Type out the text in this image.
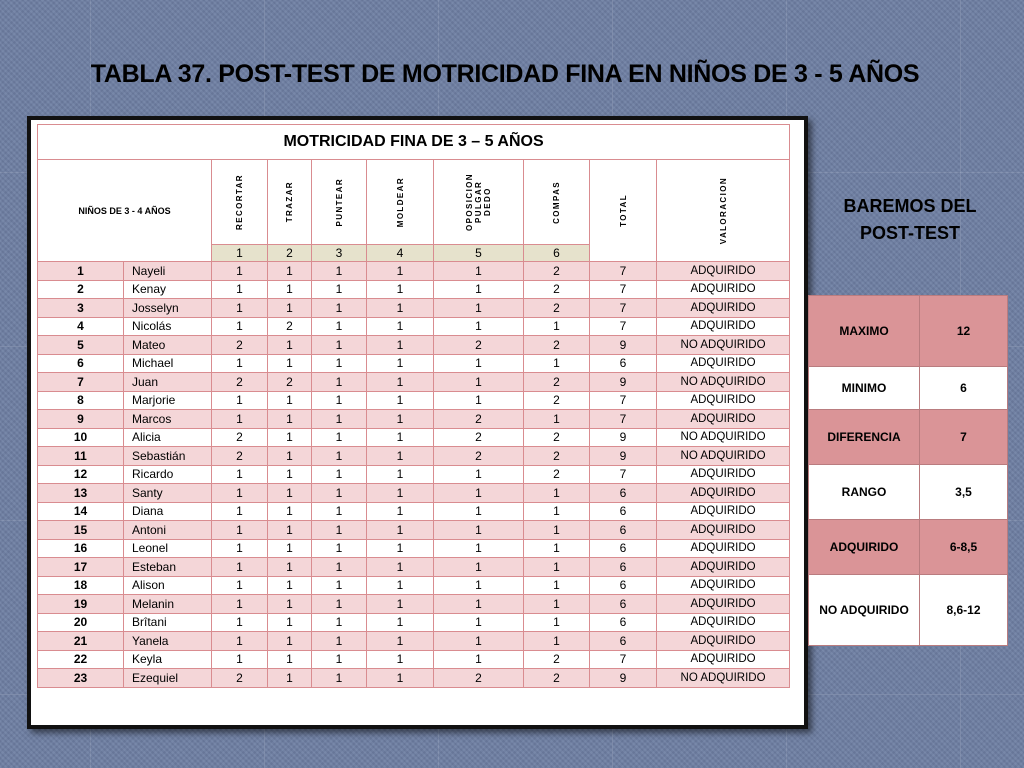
TABLA 37. POST-TEST DE MOTRICIDAD FINA EN NIÑOS DE 3 - 5 AÑOS
MOTRICIDAD FINA DE 3 – 5 AÑOS									
NIÑOS DE 3 - 4 AÑOS		RECORTAR	TRAZAR	PUNTEAR	MOLDEAR	OPOSICION
PULGAR
DEDO	COMPAS	TOTAL	VALORACION

		1	2	3	4	5	6		
1	Nayeli	1	1	1	1	1	2	7	ADQUIRIDO
2	Kenay	1	1	1	1	1	2	7	ADQUIRIDO
3	Josselyn	1	1	1	1	1	2	7	ADQUIRIDO
4	Nicolás	1	2	1	1	1	1	7	ADQUIRIDO
5	Mateo	2	1	1	1	2	2	9	NO ADQUIRIDO
6	Michael	1	1	1	1	1	1	6	ADQUIRIDO
7	Juan	2	2	1	1	1	2	9	NO ADQUIRIDO
8	Marjorie	1	1	1	1	1	2	7	ADQUIRIDO
9	Marcos	1	1	1	1	2	1	7	ADQUIRIDO
10	Alicia	2	1	1	1	2	2	9	NO ADQUIRIDO
11	Sebastián	2	1	1	1	2	2	9	NO ADQUIRIDO
12	Ricardo	1	1	1	1	1	2	7	ADQUIRIDO
13	Santy	1	1	1	1	1	1	6	ADQUIRIDO
14	Diana	1	1	1	1	1	1	6	ADQUIRIDO
15	Antoni	1	1	1	1	1	1	6	ADQUIRIDO
16	Leonel	1	1	1	1	1	1	6	ADQUIRIDO
17	Esteban	1	1	1	1	1	1	6	ADQUIRIDO
18	Alison	1	1	1	1	1	1	6	ADQUIRIDO
19	Melanin	1	1	1	1	1	1	6	ADQUIRIDO
20	Brîtani	1	1	1	1	1	1	6	ADQUIRIDO
21	Yanela	1	1	1	1	1	1	6	ADQUIRIDO
22	Keyla	1	1	1	1	1	2	7	ADQUIRIDO
23	Ezequiel	2	1	1	1	2	2	9	NO ADQUIRIDO
BAREMOS DEL POST-TEST
MAXIMO	12
MINIMO	6
DIFERENCIA	7
RANGO	3,5
ADQUIRIDO	6-8,5
NO ADQUIRIDO	8,6-12
